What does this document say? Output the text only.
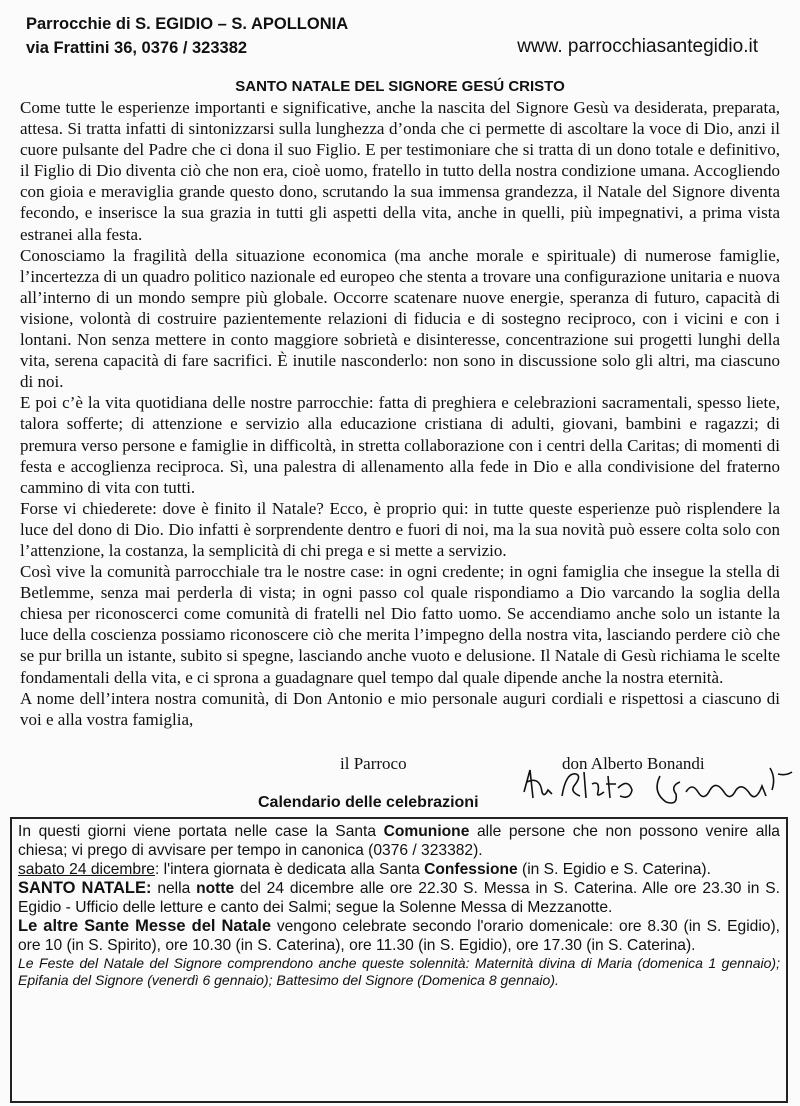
Parrocchie di S. EGIDIO – S. APOLLONIA
via Frattini 36, 0376 / 323382	www. parrocchiasantegidio.it
SANTO NATALE DEL SIGNORE GESÚ CRISTO

Come tutte le esperienze importanti e significative, anche la nascita del Signore Gesù va desiderata, preparata, attesa. Si tratta infatti di sintonizzarsi sulla lunghezza d’onda che ci permette di ascoltare la voce di Dio, anzi il cuore pulsante del Padre che ci dona il suo Figlio. E per testimoniare che si tratta di un dono totale e definitivo, il Figlio di Dio diventa ciò che non era, cioè uomo, fratello in tutto della nostra condizione umana. Accogliendo con gioia e meraviglia grande questo dono, scrutando la sua immensa grandezza, il Natale del Signore diventa fecondo, e inserisce la sua grazia in tutti gli aspetti della vita, anche in quelli, più impegnativi, a prima vista estranei alla festa.

Conosciamo la fragilità della situazione economica (ma anche morale e spirituale) di numerose famiglie, l’incertezza di un quadro politico nazionale ed europeo che stenta a trovare una configurazione unitaria e nuova all’interno di un mondo sempre più globale. Occorre scatenare nuove energie, speranza di futuro, capacità di visione, volontà di costruire pazientemente relazioni di fiducia e di sostegno reciproco, con i vicini e con i lontani. Non senza mettere in conto maggiore sobrietà e disinteresse, concentrazione sui progetti lunghi della vita, serena capacità di fare sacrifici. È inutile nasconderlo: non sono in discussione solo gli altri, ma ciascuno di noi.

E poi c’è la vita quotidiana delle nostre parrocchie: fatta di preghiera e celebrazioni sacramentali, spesso liete, talora sofferte; di attenzione e servizio alla educazione cristiana di adulti, giovani, bambini e ragazzi; di premura verso persone e famiglie in difficoltà, in stretta collaborazione con i centri della Caritas; di momenti di festa e accoglienza reciproca. Sì, una palestra di allenamento alla fede in Dio e alla condivisione del fraterno cammino di vita con tutti.

Forse vi chiederete: dove è finito il Natale? Ecco, è proprio qui: in tutte queste esperienze può risplendere la luce del dono di Dio. Dio infatti è sorprendente dentro e fuori di noi, ma la sua novità può essere colta solo con l’attenzione, la costanza, la semplicità di chi prega e si mette a servizio.

Così vive la comunità parrocchiale tra le nostre case: in ogni credente; in ogni famiglia che insegue la stella di Betlemme, senza mai perderla di vista; in ogni passo col quale rispondiamo a Dio varcando la soglia della chiesa per riconoscerci come comunità di fratelli nel Dio fatto uomo. Se accendiamo anche solo un istante la luce della coscienza possiamo riconoscere ciò che merita l’impegno della nostra vita, lasciando perdere ciò che se pur brilla un istante, subito si spegne, lasciando anche vuoto e delusione. Il Natale di Gesù richiama le scelte fondamentali della vita, e ci sprona a guadagnare quel tempo dal quale dipende anche la nostra eternità.

A nome dell’intera nostra comunità, di Don Antonio e mio personale auguri cordiali e rispettosi a ciascuno di voi e alla vostra famiglia,

il Parroco	don Alberto Bonandi
Calendario delle celebrazioni

In questi giorni viene portata nelle case la Santa Comunione alle persone che non possono venire alla chiesa; vi prego di avvisare per tempo in canonica (0376 / 323382).

sabato 24 dicembre: l'intera giornata è dedicata alla Santa Confessione (in S. Egidio e S. Caterina).

SANTO NATALE: nella notte del 24 dicembre alle ore 22.30 S. Messa in S. Caterina. Alle ore 23.30 in S. Egidio - Ufficio delle letture e canto dei Salmi; segue la Solenne Messa di Mezzanotte.

Le altre Sante Messe del Natale vengono celebrate secondo l'orario domenicale: ore 8.30 (in S. Egidio), ore 10 (in S. Spirito), ore 10.30 (in S. Caterina), ore 11.30 (in S. Egidio), ore 17.30 (in S. Caterina).

Le Feste del Natale del Signore comprendono anche queste solennità: Maternità divina di Maria (domenica 1 gennaio); Epifania del Signore (venerdì 6 gennaio); Battesimo del Signore (Domenica 8 gennaio).
